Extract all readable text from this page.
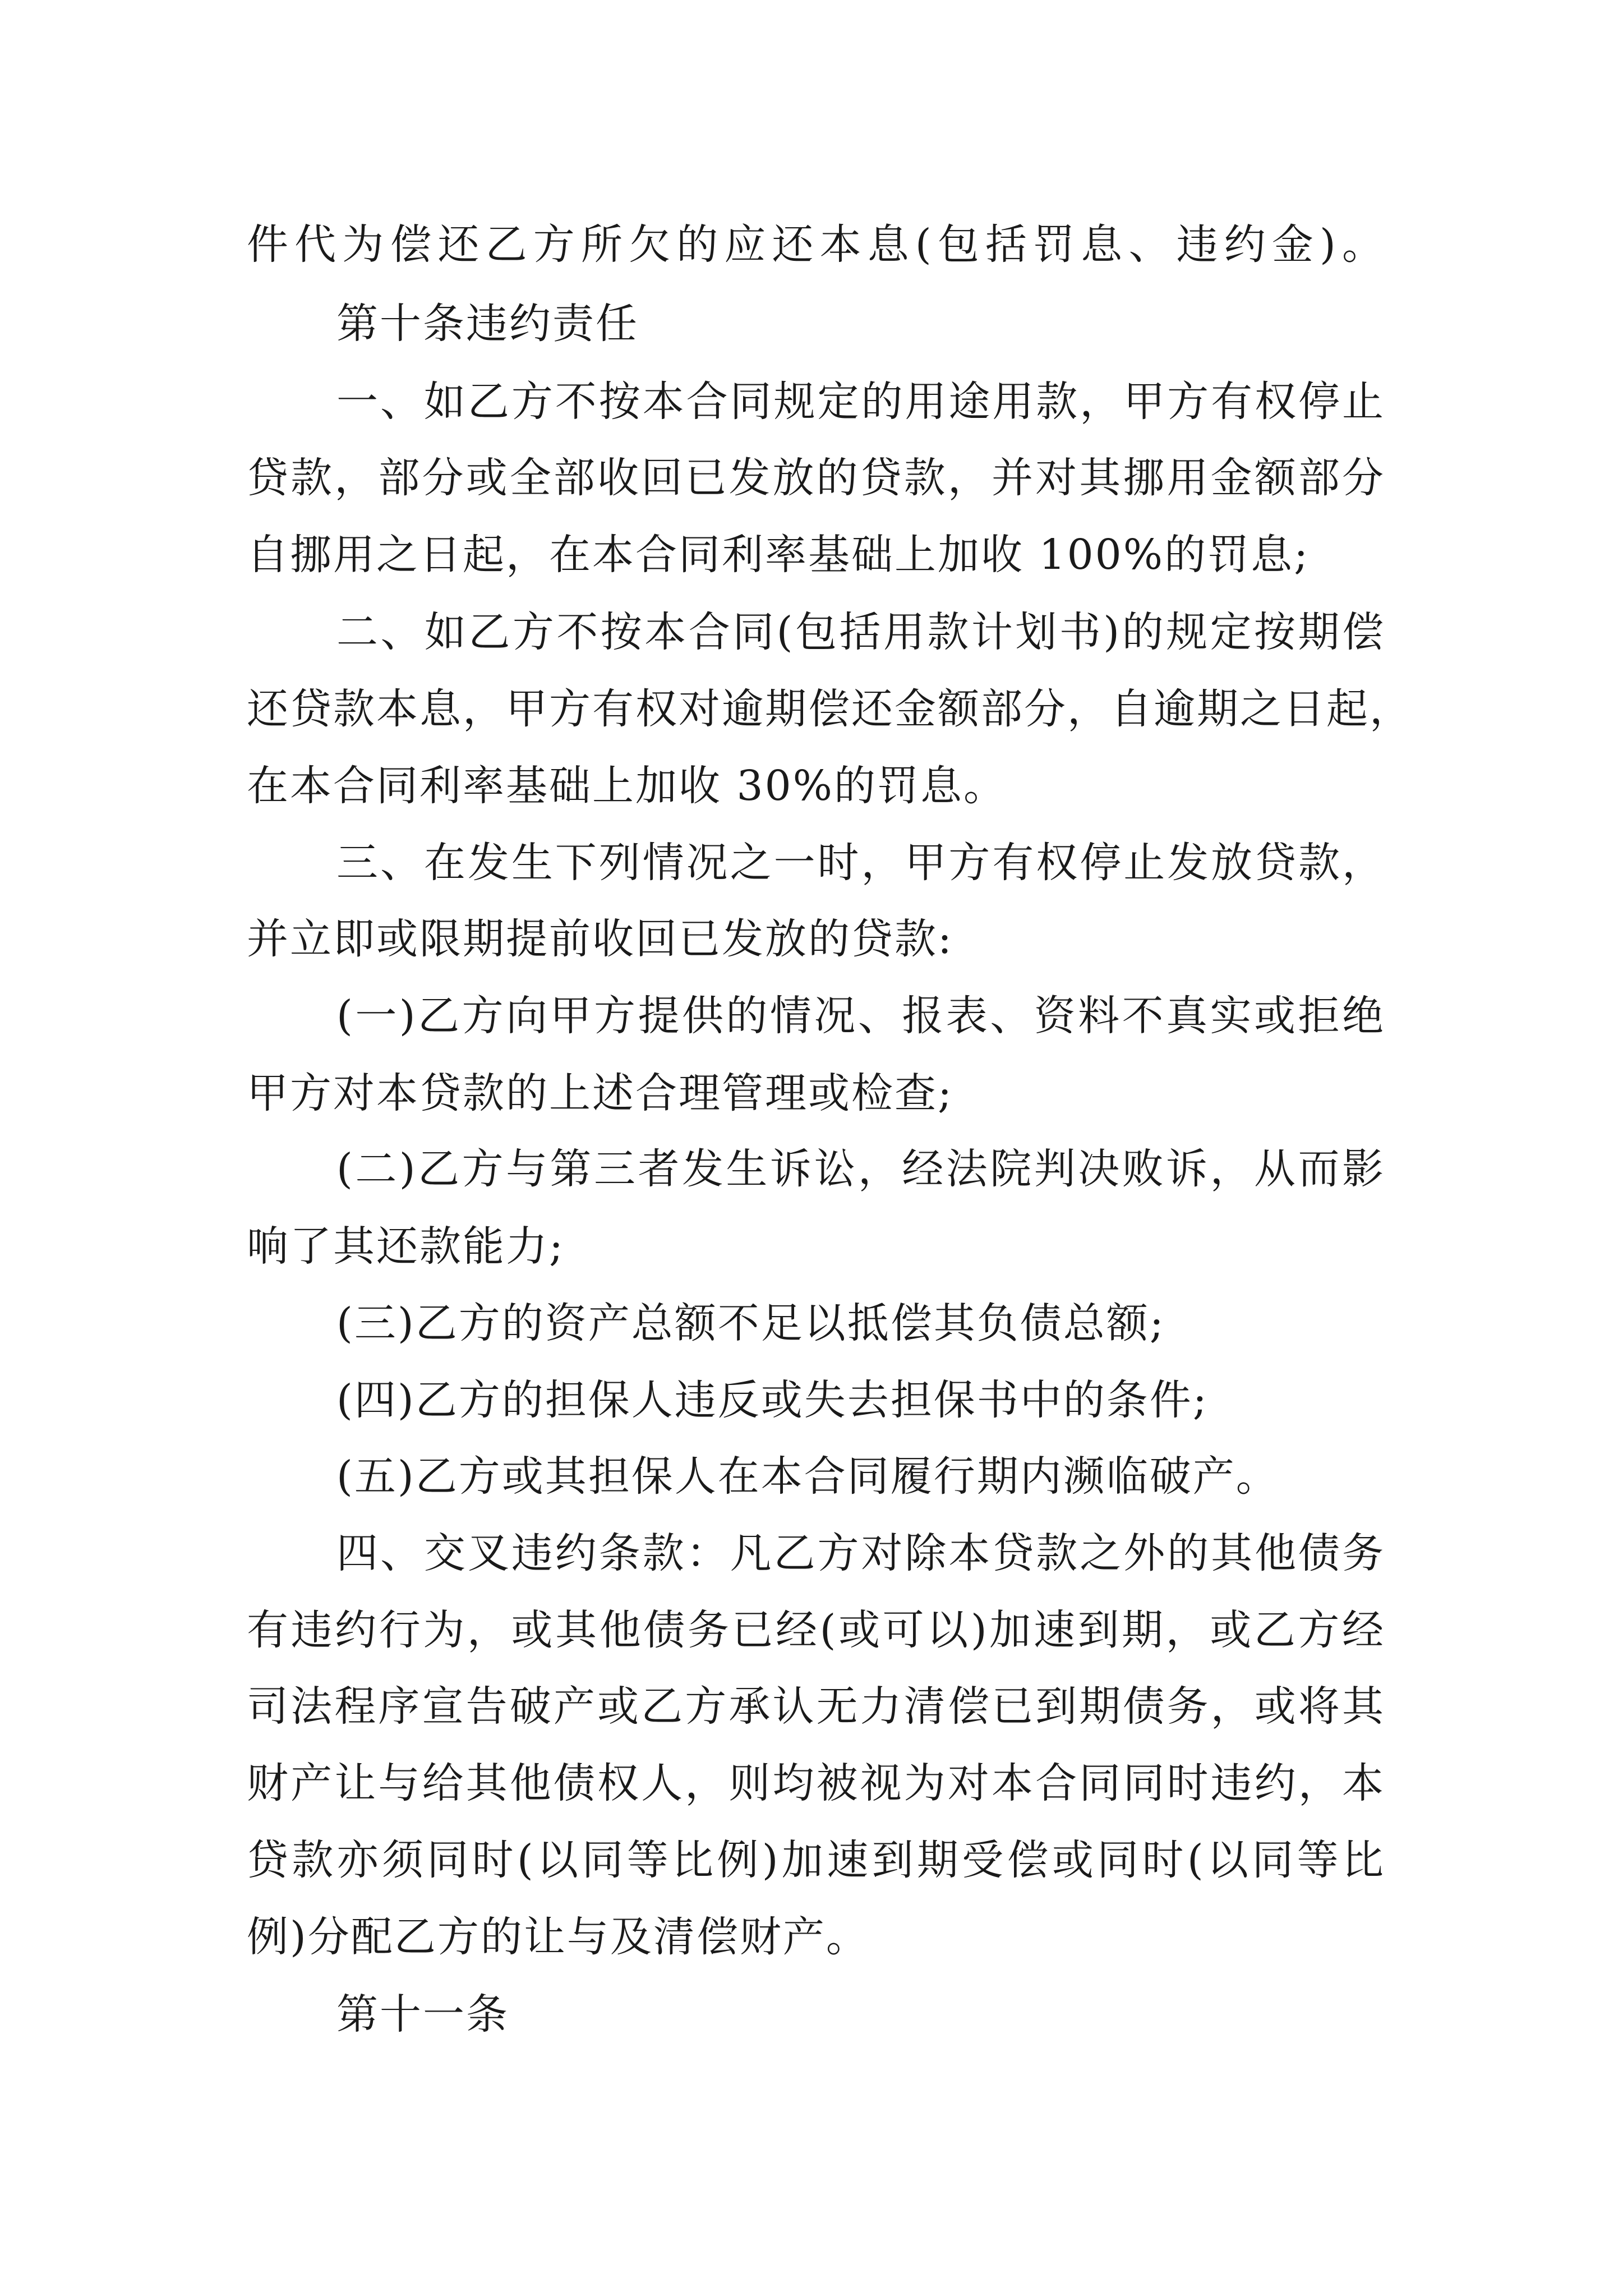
件代为偿还乙方所欠的应还本息(包括罚息、违约金)。
第十条违约责任
一、如乙方不按本合同规定的用途用款，甲方有权停止
贷款，部分或全部收回已发放的贷款，并对其挪用金额部分
自挪用之日起，在本合同利率基础上加收 100%的罚息;
二、如乙方不按本合同(包括用款计划书)的规定按期偿
还贷款本息，甲方有权对逾期偿还金额部分，自逾期之日起，
在本合同利率基础上加收 30%的罚息。
三、在发生下列情况之一时，甲方有权停止发放贷款，
并立即或限期提前收回已发放的贷款:
(一)乙方向甲方提供的情况、报表、资料不真实或拒绝
甲方对本贷款的上述合理管理或检查;
(二)乙方与第三者发生诉讼，经法院判决败诉，从而影
响了其还款能力;
(三)乙方的资产总额不足以抵偿其负债总额;
(四)乙方的担保人违反或失去担保书中的条件;
(五)乙方或其担保人在本合同履行期内濒临破产。
四、交叉违约条款：凡乙方对除本贷款之外的其他债务
有违约行为，或其他债务已经(或可以)加速到期，或乙方经
司法程序宣告破产或乙方承认无力清偿已到期债务，或将其
财产让与给其他债权人，则均被视为对本合同同时违约，本
贷款亦须同时(以同等比例)加速到期受偿或同时(以同等比
例)分配乙方的让与及清偿财产。
第十一条
